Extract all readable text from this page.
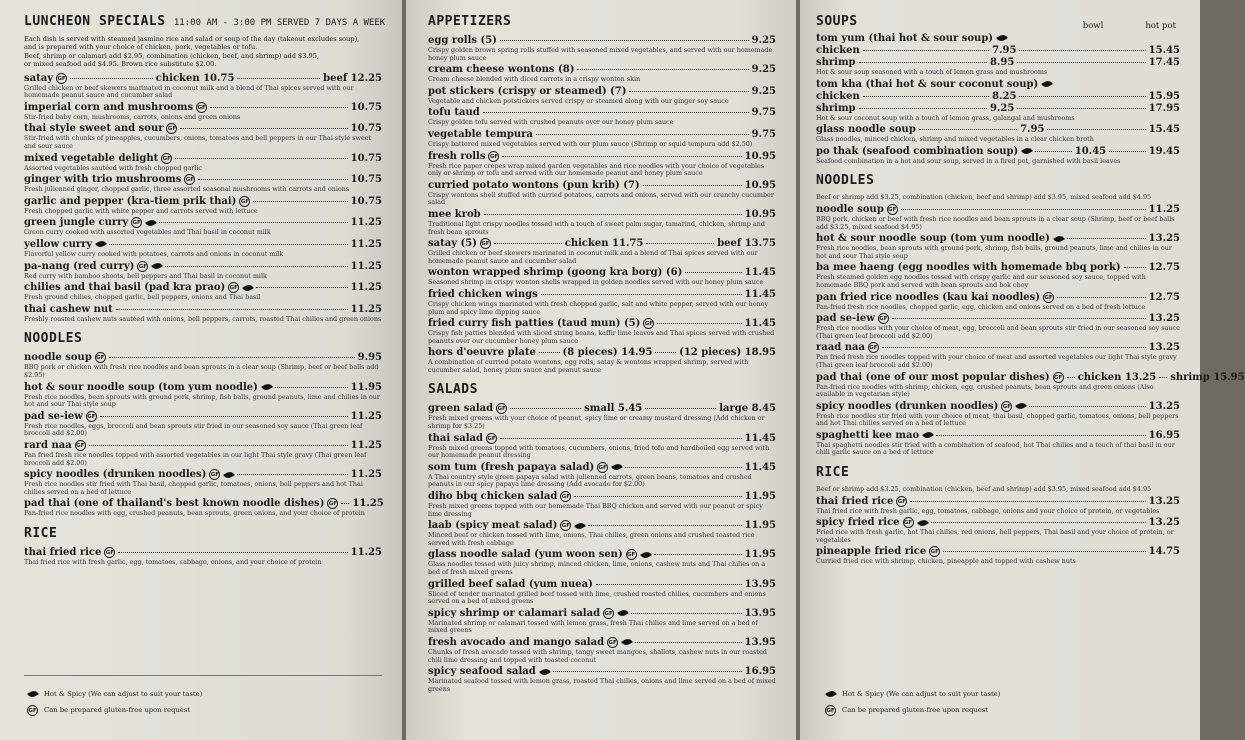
LUNCHEON SPECIALS 11:00 AM - 3:00 PM SERVED 7 DAYS A WEEK
Each dish is served with steamed jasmine rice and salad or soup of the day (takeout excludes soup),
and is prepared with your choice of chicken, pork, vegetables or tofu.
Beef, shrimp or calamari add $2.95, combination (chicken, beef, and shrimp) add $3.95,
or mixed seafood add $4.95. Brown rice substitute $2.00.
satay GF	chicken 10.75	beef 12.25
Grilled chicken or beef skewers marinated in coconut milk and a blend of Thai spices served with our homemade peanut sauce and cucumber salad
imperial corn and mushrooms GF	10.75
Stir-fried baby corn, mushrooms, carrots, onions and green onions
thai style sweet and sour GF	10.75
Stir-fried with chunks of pineapples, cucumbers, onions, tomatoes and bell peppers in our Thai style sweet and sour sauce
mixed vegetable delight GF	10.75
Assorted vegetables sautéed with fresh chopped garlic
ginger with trio mushrooms GF	10.75
Fresh julienned ginger, chopped garlic, three assorted seasonal mushrooms with carrots and onions
garlic and pepper (kra-tiem prik thai) GF	10.75
Fresh chopped garlic with white pepper and carrots served with lettuce
green jungle curry GF	11.25
Green curry cooked with assorted vegetables and Thai basil in coconut milk
yellow curry	11.25
Flavorful yellow curry cooked with potatoes, carrots and onions in coconut milk
pa-nang (red curry) GF	11.25
Red curry with bamboo shoots, bell peppers and Thai basil in coconut milk
chilies and thai basil (pad kra prao) GF	11.25
Fresh ground chilies, chopped garlic, bell peppers, onions and Thai basil
thai cashew nut	11.25
Freshly roasted cashew nuts sautéed with onions, bell peppers, carrots, roasted Thai chilies and green onions
NOODLES
noodle soup GF	9.95
BBQ pork or chicken with fresh rice noodles and bean sprouts in a clear soup (Shrimp, beef or beef balls add $2.95)
hot & sour noodle soup (tom yum noodle)	11.95
Fresh rice noodles, bean sprouts with ground pork, shrimp, fish balls, ground peanuts, lime and chilies in our hot and sour Thai style soup
pad se-iew GF	11.25
Fresh rice noodles, eggs, broccoli and bean sprouts stir fried in our seasoned soy sauce (Thai green leaf broccoli add $2.00)
rard naa GF	11.25
Pan fried fresh rice noodles topped with assorted vegetables in our light Thai style gravy (Thai green leaf broccoli add $2.00)
spicy noodles (drunken noodles) GF	11.25
Fresh rice noodles stir fried with Thai basil, chopped garlic, tomatoes, onions, bell peppers and hot Thai chilies served on a bed of lettuce
pad thai (one of thailand's best known noodle dishes) GF 11.25
Pan-fried rice noodles with egg, crushed peanuts, bean sprouts, green onions, and your choice of protein
RICE
thai fried rice GF	11.25
Thai fried rice with fresh garlic, egg, tomatoes, cabbage, onions, and your choice of protein
Hot & Spicy (We can adjust to suit your taste)
GF Can be prepared gluten-free upon request
APPETIZERS
egg rolls (5)	9.25
Crispy golden brown spring rolls stuffed with seasoned mixed vegetables, and served with our homemade honey plum sauce
cream cheese wontons (8)	9.25
Cream cheese blended with diced carrots in a crispy wonton skin
pot stickers (crispy or steamed) (7)	9.25
Vegetable and chicken potstickers served crispy or steamed along with our ginger soy sauce
tofu taud	9.75
Crispy golden tofu served with crushed peanuts over our honey plum sauce
vegetable tempura	9.75
Crispy battered mixed vegetables served with our plum sauce (Shrimp or squid tempura add $2.50)
fresh rolls GF	10.95
Fresh rice paper crepes wrap mixed garden vegetables and rice noodles with your choice of vegetables only or shrimp or tofu and served with our homemade peanut and honey plum sauce
curried potato wontons (pun krib) (7)	10.95
Crispy wontons shell stuffed with curried potatoes, carrots and onions, served with our crunchy cucumber salad
mee krob	10.95
Traditional light crispy noodles tossed with a touch of sweet palm sugar, tamarind, chicken, shrimp and fresh bean sprouts
satay (5) GF	chicken 11.75	beef 13.75
Grilled chicken or beef skewers marinated in coconut milk and a blend of Thai spices served with our homemade peanut sauce and cucumber salad
wonton wrapped shrimp (goong kra borg) (6)	11.45
Seasoned shrimp in crispy wonton shells wrapped in golden noodles served with our honey plum sauce
fried chicken wings	11.45
Crispy chicken wings marinated with fresh chopped garlic, salt and white pepper, served with our honey plum and spicy lime dipping sauce
fried curry fish patties (taud mun) (5) GF	11.45
Crispy fish patties blended with sliced string beans, kaffir lime leaves and Thai spices served with crushed peanuts over our cucumber honey plum sauce
hors d'oeuvre plate	(8 pieces) 14.95	(12 pieces) 18.95
A combination of curried potato wontons, egg rolls, satay & wontons wrapped shrimp, served with cucumber salad, honey plum sauce and peanut sauce
SALADS
green salad GF	small 5.45	large 8.45
Fresh mixed greens with your choice of peanut, spicy lime or creamy mustard dressing (Add chicken or shrimp for $3.25)
thai salad GF	11.45
Fresh mixed greens topped with tomatoes, cucumbers, onions, fried tofu and hardboiled egg served with our homemade peanut dressing
som tum (fresh papaya salad) GF	11.45
A Thai country style green papaya salad with julienned carrots, green beans, tomatoes and crushed peanuts in our spicy papaya lime dressing (Add avocado for $2.00)
diho bbq chicken salad GF	11.95
Fresh mixed greens topped with our homemade Thai BBQ chicken and served with our peanut or spicy lime dressing
laab (spicy meat salad) GF	11.95
Minced beef or chicken tossed with lime, onions, Thai chilies, green onions and crushed toasted rice served with fresh cabbage
glass noodle salad (yum woon sen) GF	11.95
Glass noodles tossed with juicy shrimp, minced chicken, lime, onions, cashew nuts and Thai chilies on a bed of fresh mixed greens
grilled beef salad (yum nuea)	13.95
Sliced of tender marinated grilled beef tossed with lime, crushed roasted chilies, cucumbers and onions served on a bed of mixed greens
spicy shrimp or calamari salad GF	13.95
Marinated shrimp or calamari tossed with lemon grass, fresh Thai chilies and lime served on a bed of mixed greens
fresh avocado and mango salad GF	13.95
Chunks of fresh avocado tossed with shrimp, tangy sweet mangoes, shallots, cashew nuts in our roasted chili lime dressing and topped with toasted coconut
spicy seafood salad	16.95
Marinated seafood tossed with lemon grass, roasted Thai chilies, onions and lime served on a bed of mixed greens
SOUPS	bowl	hot pot
tom yum (thai hot & sour soup)
chicken	7.95	15.45
shrimp	8.95	17.45
Hot & sour soup seasoned with a touch of lemon grass and mushrooms
tom kha (thai hot & sour coconut soup)
chicken	8.25	15.95
shrimp	9.25	17.95
Hot & sour coconut soup with a touch of lemon grass, galangal and mushrooms
glass noodle soup	7.95	15.45
Glass noodles, minced chicken, shrimp and mixed vegetables in a clear chicken broth
po thak (seafood combination soup)	10.45	19.45
Seafood combination in a hot and sour soup, served in a fired pot, garnished with basil leaves
NOODLES
Beef or shrimp add $3.25, combination (chicken, beef and shrimp) add $3.95, mixed seafood add $4.95
noodle soup GF	11.25
BBQ pork, chicken or beef with fresh rice noodles and bean sprouts in a clear soup (Shrimp, beef or beef balls add $3.25, mixed seafood $4.95)
hot & sour noodle soup (tom yum noodle)	13.25
Fresh rice noodles, bean sprouts with ground pork, shrimp, fish balls, ground peanuts, lime and chilies in our hot and sour Thai style soup
ba mee haeng (egg noodles with homemade bbq pork)	12.75
Fresh steamed golden egg noodles tossed with crispy garlic and our seasoned soy sauce, topped with homemade BBQ pork and served with bean sprouts and bok choy
pan fried rice noodles (kau kai noodles) GF	12.75
Pan-fried fresh rice noodles, chopped garlic, egg, chicken and onions served on a bed of fresh lettuce
pad se-iew GF	13.25
Fresh rice noodles with your choice of meat, egg, broccoli and bean sprouts stir fried in our seasoned soy sauce (Thai green leaf broccoli add $2.00)
raad naa GF	13.25
Pan fried fresh rice noodles topped with your choice of meat and assorted vegetables our light Thai style gravy (Thai green leaf broccoli add $2.00)
pad thai (one of our most popular dishes) GF chicken 13.25 shrimp 15.95
Pan-fried rice noodles with shrimp, chicken, egg, crushed peanuts, bean sprouts and green onions (Also available in vegetarian style)
spicy noodles (drunken noodles) GF	13.25
Fresh rice noodles stir fried with your choice of meat, thai basil, chopped garlic, tomatoes, onions, bell peppers and hot Thai chilies served on a bed of lettuce
spaghetti kee mao	16.95
Thai spaghetti noodles stir fried with a combination of seafood, hot Thai chilies and a touch of thai basil in our chili garlic sauce on a bed of lettuce
RICE
Beef or shrimp add $3.25, combination (chicken, beef and shrimp) add $3.95, mixed seafood add $4.95
thai fried rice GF	13.25
Thai fried rice with fresh garlic, egg, tomatoes, cabbage, onions and your choice of protein, or vegetables
spicy fried rice GF	13.25
Fried rice with fresh garlic, hot Thai chilies, red onions, bell peppers, Thai basil and your choice of protein, or vegetables
pineapple fried rice GF	14.75
Curried fried rice with shrimp, chicken, pineapple and topped with cashew nuts
Hot & Spicy (We can adjust to suit your taste)
GF Can be prepared gluten-free upon request
